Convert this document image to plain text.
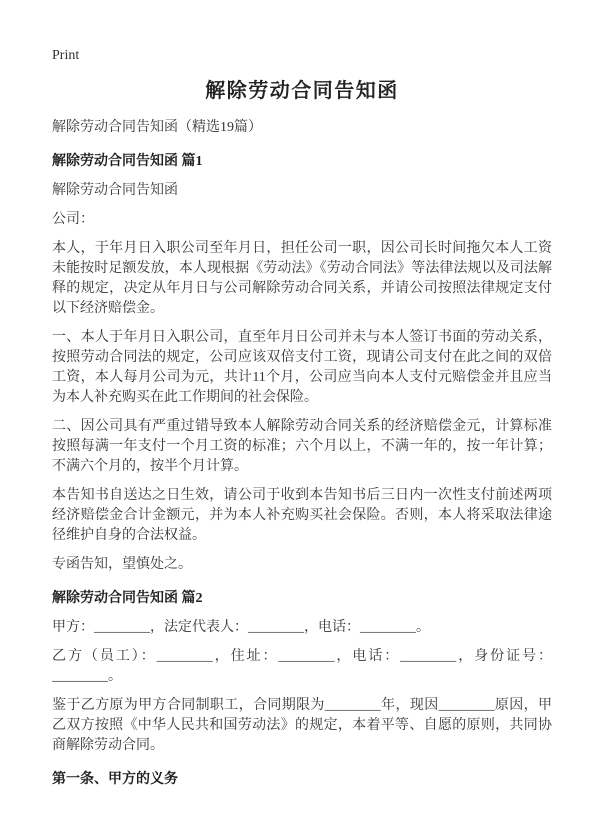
Print
解除劳动合同告知函

解除劳动合同告知函（精选19篇）

解除劳动合同告知函 篇1

解除劳动合同告知函

公司：

本人，于年月日入职公司至年月日，担任公司一职，因公司长时间拖欠本人工资未能按时足额发放，本人现根据《劳动法》《劳动合同法》等法律法规以及司法解释的规定，决定从年月日与公司解除劳动合同关系，并请公司按照法律规定支付以下经济赔偿金。

一、本人于年月日入职公司，直至年月日公司并未与本人签订书面的劳动关系，按照劳动合同法的规定，公司应该双倍支付工资，现请公司支付在此之间的双倍工资，本人每月公司为元，共计11个月，公司应当向本人支付元赔偿金并且应当为本人补充购买在此工作期间的社会保险。

二、因公司具有严重过错导致本人解除劳动合同关系的经济赔偿金元，计算标准按照每满一年支付一个月工资的标准；六个月以上，不满一年的，按一年计算；不满六个月的，按半个月计算。

本告知书自送达之日生效，请公司于收到本告知书后三日内一次性支付前述两项经济赔偿金合计金额元，并为本人补充购买社会保险。否则，本人将采取法律途径维护自身的合法权益。

专函告知，望慎处之。

解除劳动合同告知函 篇2

甲方：________，法定代表人：________，电话：________。

乙方（员工）：________，住址：________，电话：________，身份证号：________。

鉴于乙方原为甲方合同制职工，合同期限为________年，现因________原因，甲乙双方按照《中华人民共和国劳动法》的规定，本着平等、自愿的原则，共同协商解除劳动合同。

第一条、甲方的义务
